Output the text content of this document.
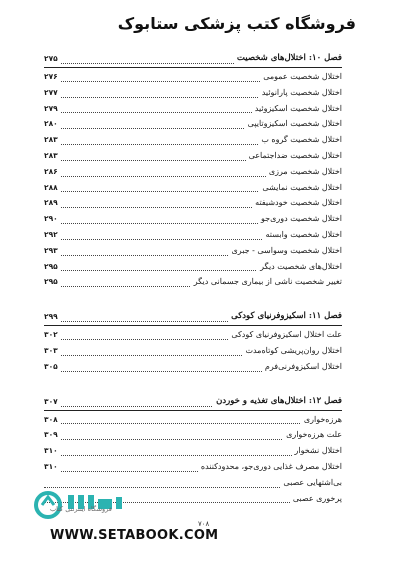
فروشگاه کتب پزشکی ستابوک
فصل ۱۰: اختلال‌های شخصیت
۲۷۵
اختلال شخصیت عمومی
۲۷۶
اختلال شخصیت پارانوئید
۲۷۷
اختلال شخصیت اسکیزوئید
۲۷۹
اختلال شخصیت اسکیزوتایپی
۲۸۰
اختلال شخصیت گروه ب
۲۸۳
اختلال شخصیت ضداجتماعی
۲۸۳
اختلال شخصیت مرزی
۲۸۶
اختلال شخصیت نمایشی
۲۸۸
اختلال شخصیت خودشیفته
۲۸۹
اختلال شخصیت دوری‌جو
۲۹۰
اختلال شخصیت وابسته
۲۹۲
اختلال شخصیت وسواسی - جبری
۲۹۳
اختلال‌های شخصیت دیگر
۲۹۵
تغییر شخصیت ناشی از بیماری جسمانی دیگر
۲۹۵
فصل ۱۱: اسکیزوفرنیای کودکی
۲۹۹
علت اختلال اسکیزوفرنیای کودکی
۳۰۲
اختلال روان‌پریشی کوتاه‌مدت
۳۰۳
اختلال اسکیزوفرنی‌فرم
۳۰۵
فصل ۱۲: اختلال‌های تغذیه و خوردن
۳۰۷
هرزه‌خواری
۳۰۸
علت هرزه‌خواری
۳۰۹
اختلال نشخوار
۳۱۰
اختلال مصرف غذایی دوری‌جو، محدودکننده
۳۱۰
بی‌اشتهایی عصبی
پرخوری عصبی
فروشگاه اینترنتی کتاب
WWW.SETABOOK.COM
۷۰۸
